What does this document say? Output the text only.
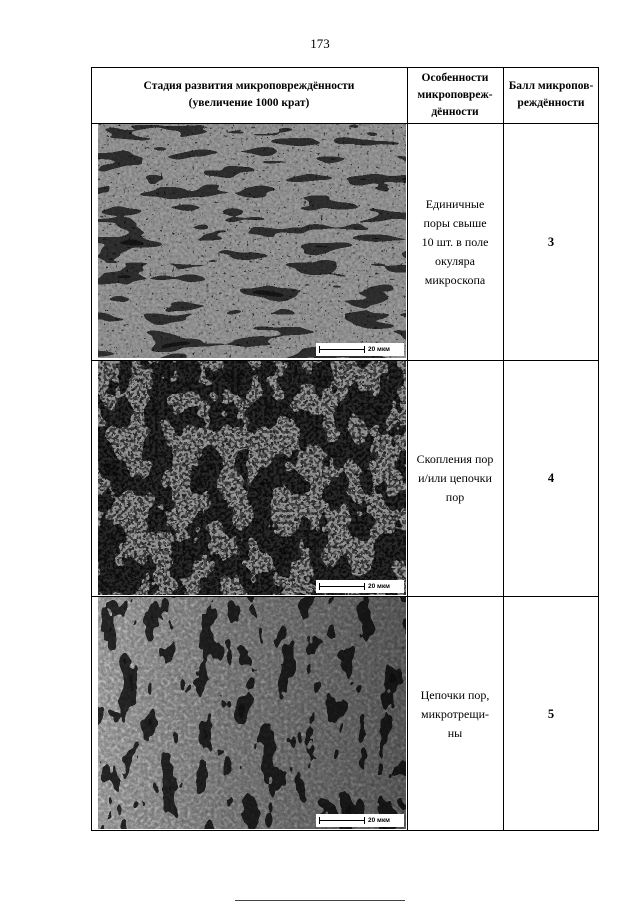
173
Стадия развития микроповреждённости
(увеличение 1000 крат)
Особенности
микроповреж-
дённости
Балл микропов-
реждённости
20 мкм
Единичные
поры свыше
10 шт. в поле
окуляра
микроскопа
3
20 мкм
Скопления пор
и/или цепочки
пор
4
20 мкм
Цепочки пор,
микротрещи-
ны
5
